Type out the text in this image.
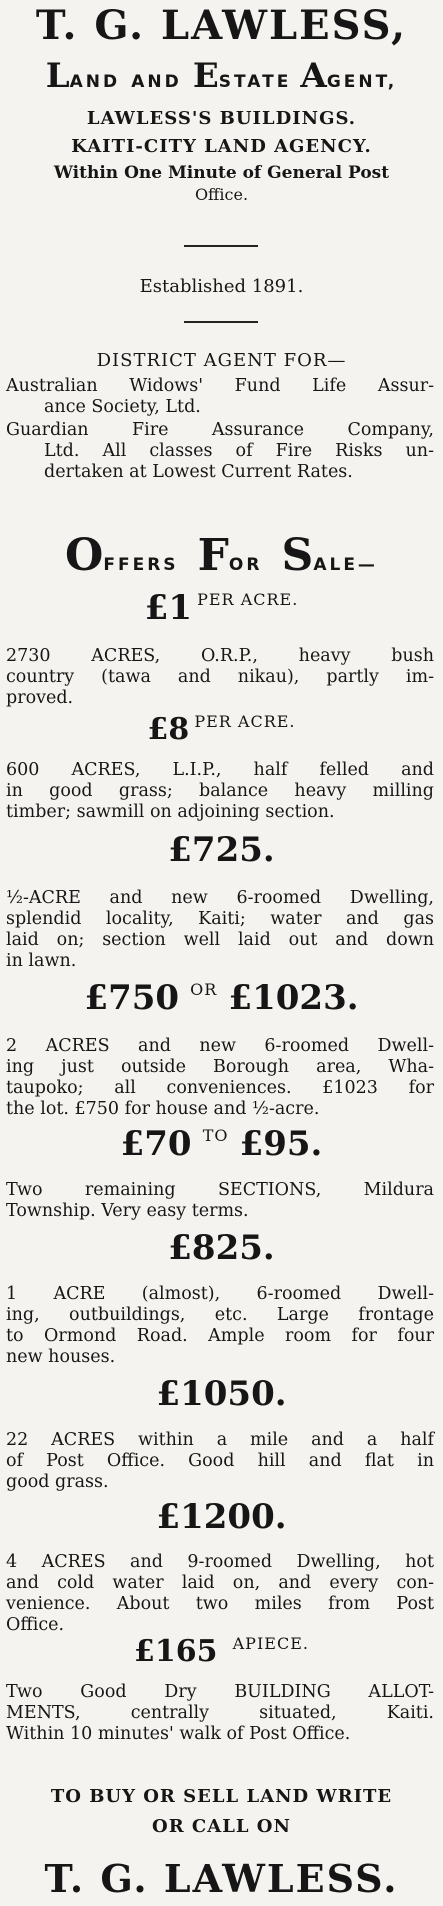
T. G. LAWLESS,
LAND AND ESTATE AGENT,
LAWLESS'S BUILDINGS.
KAITI-CITY LAND AGENCY.
Within One Minute of General Post
Office.
Established 1891.
DISTRICT AGENT FOR—
Australian Widows' Fund Life Assur-
ance Society, Ltd.
Guardian Fire Assurance Company,
Ltd. All classes of Fire Risks un-
dertaken at Lowest Current Rates.
OFFERS FOR SALE—
£1 PER ACRE.
2730 ACRES, O.R.P., heavy bush
country (tawa and nikau), partly im-
proved.
£8 PER ACRE.
600 ACRES, L.I.P., half felled and
in good grass; balance heavy milling
timber; sawmill on adjoining section.
£725.
½-ACRE and new 6-roomed Dwelling,
splendid locality, Kaiti; water and gas
laid on; section well laid out and down
in lawn.
£750 OR £1023.
2 ACRES and new 6-roomed Dwell-
ing just outside Borough area, Wha-
taupoko; all conveniences. £1023 for
the lot. £750 for house and ½-acre.
£70 TO £95.
Two remaining SECTIONS, Mildura
Township. Very easy terms.
£825.
1 ACRE (almost), 6-roomed Dwell-
ing, outbuildings, etc. Large frontage
to Ormond Road. Ample room for four
new houses.
£1050.
22 ACRES within a mile and a half
of Post Office. Good hill and flat in
good grass.
£1200.
4 ACRES and 9-roomed Dwelling, hot
and cold water laid on, and every con-
venience. About two miles from Post
Office.
£165 APIECE.
Two Good Dry BUILDING ALLOT-
MENTS, centrally situated, Kaiti.
Within 10 minutes' walk of Post Office.
TO BUY OR SELL LAND WRITE
OR CALL ON
T. G. LAWLESS.
